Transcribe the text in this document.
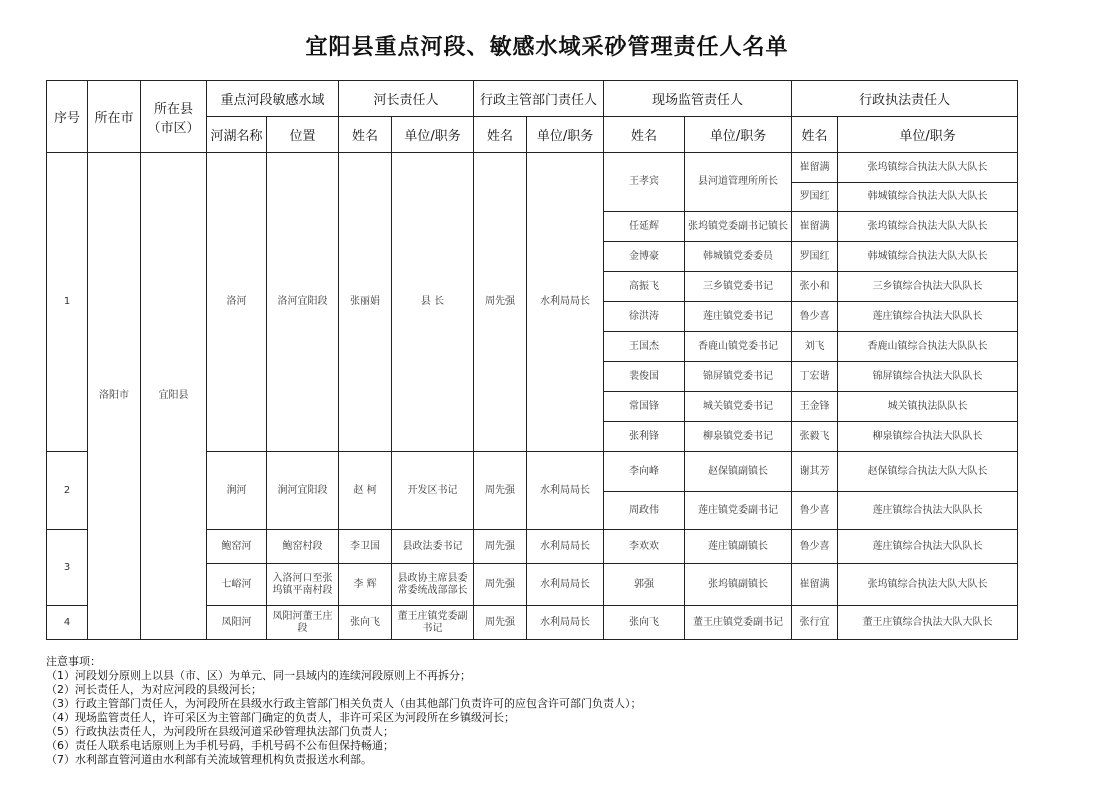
宜阳县重点河段、敏感水域采砂管理责任人名单
序号	所在市	所在县（市区）	重点河段敏感水域		河长责任人		行政主管部门责任人		现场监管责任人		行政执法责任人	
			河湖名称	位置	姓名	单位/职务	姓名	单位/职务	姓名	单位/职务	姓名	单位/职务
1	洛阳市	宜阳县	洛河	洛河宜阳段	张丽娟	县 长	周先强	水利局局长	王孝宾	县河道管理所所长	崔留满	张坞镇综合执法大队大队长
											罗国红	韩城镇综合执法大队大队长
									任延辉	张坞镇党委副书记镇长	崔留满	张坞镇综合执法大队大队长
									金博豪	韩城镇党委委员	罗国红	韩城镇综合执法大队大队长
									高振飞	三乡镇党委书记	张小和	三乡镇综合执法大队队长
									徐洪涛	莲庄镇党委书记	鲁少喜	莲庄镇综合执法大队队长
									王国杰	香鹿山镇党委书记	刘飞	香鹿山镇综合执法大队队长
									裴俊国	锦屏镇党委书记	丁宏谐	锦屏镇综合执法大队队长
									常国锋	城关镇党委书记	王金锋	城关镇执法队队长
									张利锋	柳泉镇党委书记	张毅飞	柳泉镇综合执法大队队长
2			涧河	涧河宜阳段	赵 柯	开发区书记	周先强	水利局局长	李向峰	赵保镇副镇长	谢其芳	赵保镇综合执法大队大队长
									周政伟	莲庄镇党委副书记	鲁少喜	莲庄镇综合执法大队队长
3			鲍窑河	鲍窑村段	李卫国	县政法委书记	周先强	水利局局长	李欢欢	莲庄镇副镇长	鲁少喜	莲庄镇综合执法大队队长
			七峪河	入洛河口至张坞镇平南村段	李 辉	县政协主席县委常委统战部部长	周先强	水利局局长	郭强	张坞镇副镇长	崔留满	张坞镇综合执法大队大队长
4			凤阳河	凤阳河董王庄段	张向飞	董王庄镇党委副书记	周先强	水利局局长	张向飞	董王庄镇党委副书记	张行宜	董王庄镇综合执法大队大队长
注意事项：
（1）河段划分原则上以县（市、区）为单元、同一县域内的连续河段原则上不再拆分；
（2）河长责任人，为对应河段的县级河长；
（3）行政主管部门责任人，为河段所在县级水行政主管部门相关负责人（由其他部门负责许可的应包含许可部门负责人）；
（4）现场监管责任人，许可采区为主管部门确定的负责人，非许可采区为河段所在乡镇级河长；
（5）行政执法责任人，为河段所在县级河道采砂管理执法部门负责人；
（6）责任人联系电话原则上为手机号码，手机号码不公布但保持畅通；
（7）水利部直管河道由水利部有关流域管理机构负责报送水利部。
